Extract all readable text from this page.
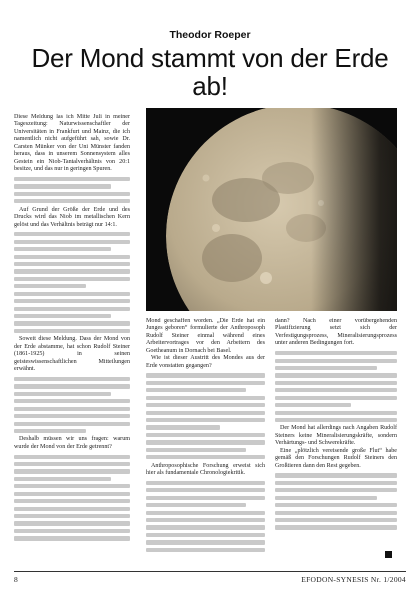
Theodor Roeper
Der Mond stammt von der Erde ab!

Diese Meldung las ich Mitte Juli in meiner Tageszeitung: Naturwissenschaftler der Universitäten in Frankfurt und Mainz, die ich namentlich nicht aufgeführt sah, sowie Dr. Carsten Münker von der Uni Münster fanden heraus, dass in unserem Sonnensystem alles Gestein ein Niob-Tantalverhältnis von 20:1 besitze, und das nur in geringen Spuren.

Auf Grund der Größe der Erde und des Drucks wird das Niob im metallischen Kern gelöst und das Verhältnis beträgt nur 14:1.

Soweit diese Meldung. Dass der Mond von der Erde abstamme, hat schon Rudolf Steiner (1861-1925) in seinen geisteswissenschaftlichen Mitteilungen erwähnt.

Deshalb müssen wir uns fragen: warum wurde der Mond von der Erde getrennt?

Mond geschaffen worden. „Die Erde hat ein Junges geboren“ formulierte der Anthroposoph Rudolf Steiner einmal während eines Arbeitervortrages vor den Arbeitern des Goetheanum in Dornach bei Basel.

Wie ist dieser Austritt des Mondes aus der Erde vonstatten gegangen?

Anthroposophische Forschung erweist sich hier als fundamentale Chronologiekritik.

dann? Nach einer vorübergehenden Plastifizierung setzt sich der Verfestigungsprozess, Mineralisierungsprozess unter anderen Bedingungen fort.

Der Mond hat allerdings nach Angaben Rudolf Steiners keine Mineralisierungskräfte, sondern Verhärtungs- und Schwerekräfte.

Eine „plötzlich vereisende große Flut“ habe gemäß den Forschungen Rudolf Steiners den Großtieren dann den Rest gegeben.

8	EFODON-SYNESIS Nr. 1/2004
